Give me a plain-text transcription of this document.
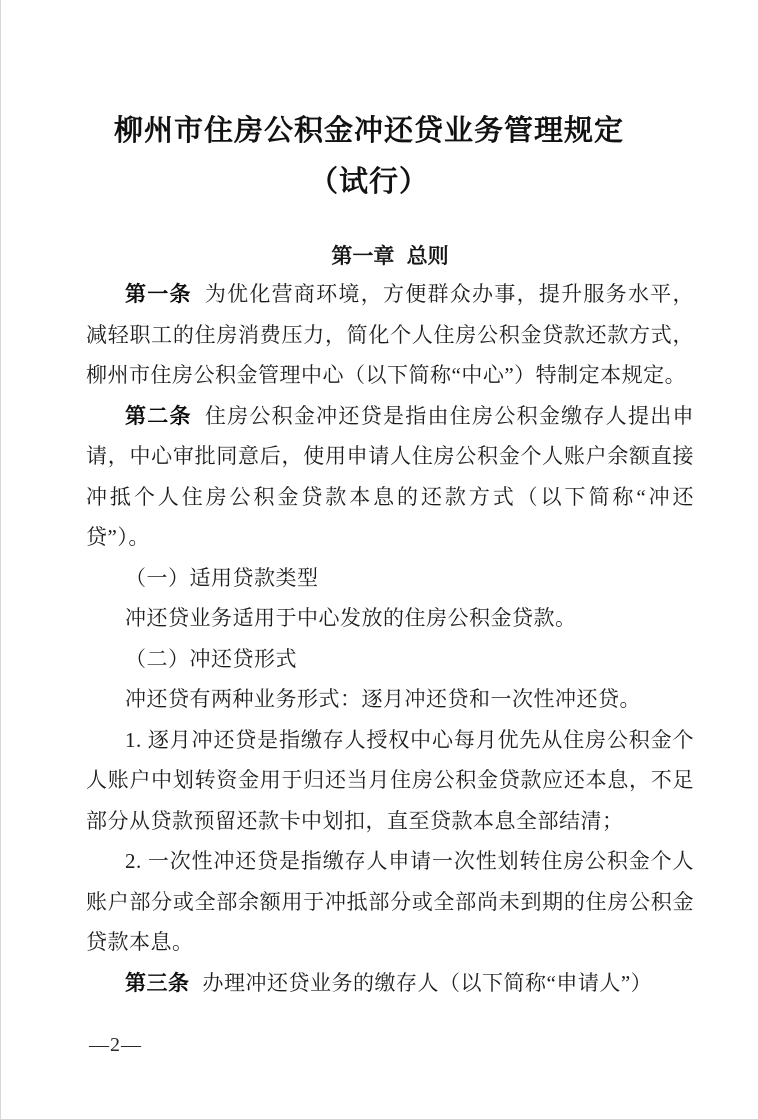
柳州市住房公积金冲还贷业务管理规定
（试行）
第一章 总则

第一条 为优化营商环境，方便群众办事，提升服务水平，减轻职工的住房消费压力，简化个人住房公积金贷款还款方式，柳州市住房公积金管理中心（以下简称“中心”）特制定本规定。

第二条 住房公积金冲还贷是指由住房公积金缴存人提出申请，中心审批同意后，使用申请人住房公积金个人账户余额直接冲抵个人住房公积金贷款本息的还款方式（以下简称“冲还贷”）。

（一）适用贷款类型

冲还贷业务适用于中心发放的住房公积金贷款。

（二）冲还贷形式

冲还贷有两种业务形式：逐月冲还贷和一次性冲还贷。

1. 逐月冲还贷是指缴存人授权中心每月优先从住房公积金个人账户中划转资金用于归还当月住房公积金贷款应还本息，不足部分从贷款预留还款卡中划扣，直至贷款本息全部结清；

2. 一次性冲还贷是指缴存人申请一次性划转住房公积金个人账户部分或全部余额用于冲抵部分或全部尚未到期的住房公积金贷款本息。

第三条 办理冲还贷业务的缴存人（以下简称“申请人”）

—2—
